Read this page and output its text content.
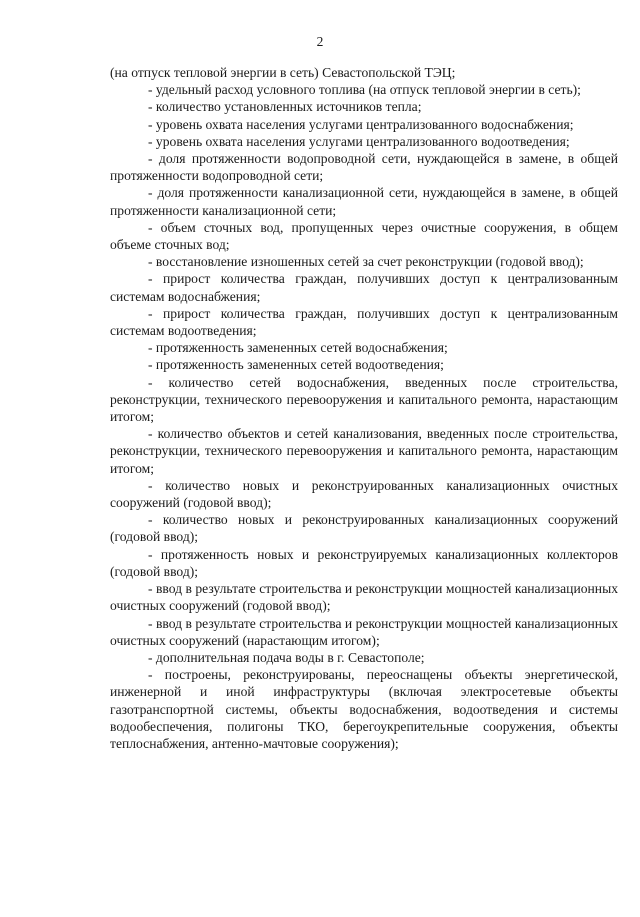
2

(на отпуск тепловой энергии в сеть) Севастопольской ТЭЦ;

- удельный расход условного топлива (на отпуск тепловой энергии в сеть);

- количество установленных источников тепла;

- уровень охвата населения услугами централизованного водоснабжения;

- уровень охвата населения услугами централизованного водоотведения;

- доля протяженности водопроводной сети, нуждающейся в замене, в общей протяженности водопроводной сети;

- доля протяженности канализационной сети, нуждающейся в замене, в общей протяженности канализационной сети;

- объем сточных вод, пропущенных через очистные сооружения, в общем объеме сточных вод;

- восстановление изношенных сетей за счет реконструкции (годовой ввод);

- прирост количества граждан, получивших доступ к централизованным системам водоснабжения;

- прирост количества граждан, получивших доступ к централизованным системам водоотведения;

- протяженность замененных сетей водоснабжения;

- протяженность замененных сетей водоотведения;

- количество сетей водоснабжения, введенных после строительства, реконструкции, технического перевооружения и капитального ремонта, нарастающим итогом;

- количество объектов и сетей канализования, введенных после строительства, реконструкции, технического перевооружения и капитального ремонта, нарастающим итогом;

- количество новых и реконструированных канализационных очистных сооружений (годовой ввод);

- количество новых и реконструированных канализационных сооружений (годовой ввод);

- протяженность новых и реконструируемых канализационных коллекторов (годовой ввод);

- ввод в результате строительства и реконструкции мощностей канализационных очистных сооружений (годовой ввод);

- ввод в результате строительства и реконструкции мощностей канализационных очистных сооружений (нарастающим итогом);

- дополнительная подача воды в г. Севастополе;

- построены, реконструированы, переоснащены объекты энергетической, инженерной и иной инфраструктуры (включая электросетевые объекты газотранспортной системы, объекты водоснабжения, водоотведения и системы водообеспечения, полигоны ТКО, берегоукрепительные сооружения, объекты теплоснабжения, антенно-мачтовые сооружения);
